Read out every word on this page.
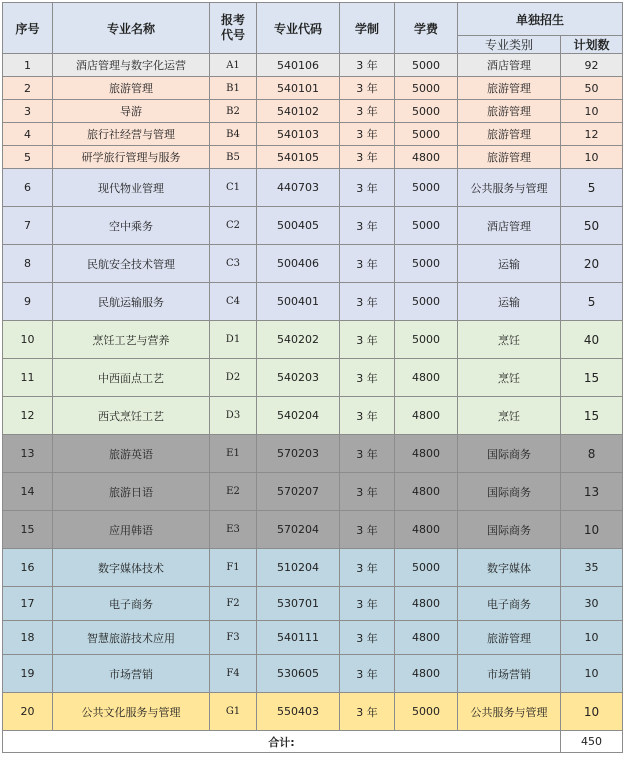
序号	专业名称	报考代号	专业代码	学制	学费	单独招生	
						专业类别	计划数
1	酒店管理与数字化运营	A1	540106	3 年	5000	酒店管理	92
2	旅游管理	B1	540101	3 年	5000	旅游管理	50
3	导游	B2	540102	3 年	5000	旅游管理	10
4	旅行社经营与管理	B4	540103	3 年	5000	旅游管理	12
5	研学旅行管理与服务	B5	540105	3 年	4800	旅游管理	10
6	现代物业管理	C1	440703	3 年	5000	公共服务与管理	5
7	空中乘务	C2	500405	3 年	5000	酒店管理	50
8	民航安全技术管理	C3	500406	3 年	5000	运输	20
9	民航运输服务	C4	500401	3 年	5000	运输	5
10	烹饪工艺与营养	D1	540202	3 年	5000	烹饪	40
11	中西面点工艺	D2	540203	3 年	4800	烹饪	15
12	西式烹饪工艺	D3	540204	3 年	4800	烹饪	15
13	旅游英语	E1	570203	3 年	4800	国际商务	8
14	旅游日语	E2	570207	3 年	4800	国际商务	13
15	应用韩语	E3	570204	3 年	4800	国际商务	10
16	数字媒体技术	F1	510204	3 年	5000	数字媒体	35
17	电子商务	F2	530701	3 年	4800	电子商务	30
18	智慧旅游技术应用	F3	540111	3 年	4800	旅游管理	10
19	市场营销	F4	530605	3 年	4800	市场营销	10
20	公共文化服务与管理	G1	550403	3 年	5000	公共服务与管理	10
合计:							450
